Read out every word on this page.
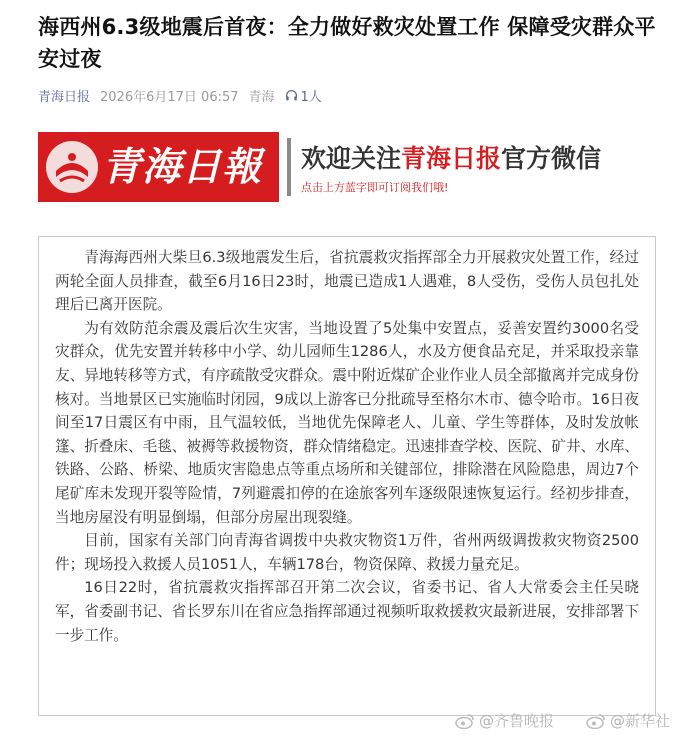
海西州6.3级地震后首夜：全力做好救灾处置工作 保障受灾群众平安过夜
青海日报 2026年6月17日 06:57 青海 1人
青海日報	欢迎关注青海日报官方微信
点击上方蓝字即可订阅我们哦!

青海海西州大柴旦6.3级地震发生后，省抗震救灾指挥部全力开展救灾处置工作，经过两轮全面人员排查，截至6月16日23时，地震已造成1人遇难，8人受伤，受伤人员包扎处理后已离开医院。

为有效防范余震及震后次生灾害，当地设置了5处集中安置点，妥善安置约3000名受灾群众，优先安置并转移中小学、幼儿园师生1286人，水及方便食品充足，并采取投亲靠友、异地转移等方式，有序疏散受灾群众。震中附近煤矿企业作业人员全部撤离并完成身份核对。当地景区已实施临时闭园，9成以上游客已分批疏导至格尔木市、德令哈市。16日夜间至17日震区有中雨，且气温较低，当地优先保障老人、儿童、学生等群体，及时发放帐篷、折叠床、毛毯、被褥等救援物资，群众情绪稳定。迅速排查学校、医院、矿井、水库、铁路、公路、桥梁、地质灾害隐患点等重点场所和关键部位，排除潜在风险隐患，周边7个尾矿库未发现开裂等险情，7列避震扣停的在途旅客列车逐级限速恢复运行。经初步排查，当地房屋没有明显倒塌，但部分房屋出现裂缝。

目前，国家有关部门向青海省调拨中央救灾物资1万件，省州两级调拨救灾物资2500件；现场投入救援人员1051人，车辆178台，物资保障、救援力量充足。

16日22时，省抗震救灾指挥部召开第二次会议，省委书记、省人大常委会主任吴晓军，省委副书记、省长罗东川在省应急指挥部通过视频听取救援救灾最新进展，安排部署下一步工作。

@齐鲁晚报	@新华社
